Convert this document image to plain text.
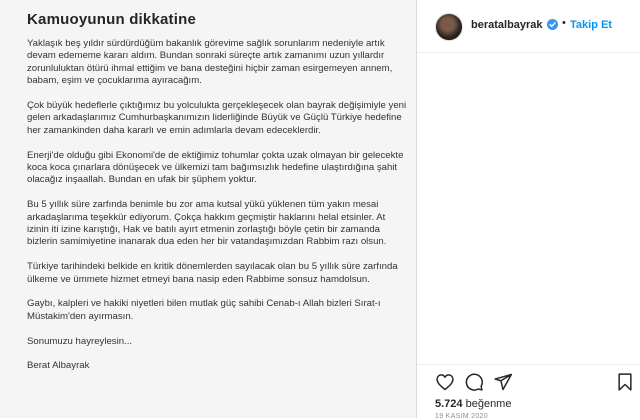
Kamuoyunun dikkatine

Yaklaşık beş yıldır sürdürdüğüm bakanlık görevime sağlık sorunlarım nedeniyle artık devam edememe kararı aldım. Bundan sonraki süreçte artık zamanımı uzun yıllardır zorunluluktan ötürü ihmal ettiğim ve bana desteğini hiçbir zaman esirgemeyen annem, babam, eşim ve çocuklarıma ayıracağım.

Çok büyük hedeflerle çıktığımız bu yolculukta gerçekleşecek olan bayrak değişimiyle yeni gelen arkadaşlarımız Cumhurbaşkanımızın liderliğinde Büyük ve Güçlü Türkiye hedefine her zamankinden daha kararlı ve emin adımlarla devam edeceklerdir.

Enerji'de olduğu gibi Ekonomi'de de ektiğimiz tohumlar çokta uzak olmayan bir gelecekte koca koca çınarlara dönüşecek ve ülkemizi tam bağımsızlık hedefine ulaştırdığına şahit olacağız inşaallah. Bundan en ufak bir şüphem yoktur.

Bu 5 yıllık süre zarfında benimle bu zor ama kutsal yükü yüklenen tüm yakın mesai arkadaşlarıma teşekkür ediyorum. Çokça hakkım geçmiştir haklarını helal etsinler. At izinin iti izine karıştığı, Hak ve batılı ayırt etmenin zorlaştığı böyle çetin bir zamanda bizlerin samimiyetine inanarak dua eden her bir vatandaşımızdan Rabbim razı olsun.

Türkiye tarihindeki belkide en kritik dönemlerden sayılacak olan bu 5 yıllık süre zarfında ülkeme ve ümmete hizmet etmeyi bana nasip eden Rabbime sonsuz hamdolsun.

Gaybı, kalpleri ve hakiki niyetleri bilen mutlak güç sahibi Cenab-ı Allah bizleri Sırat-ı Müstakim'den ayırmasın.

Sonumuzu hayreylesin...

Berat Albayrak

beratalbayrak • Takip Et
5.724 beğenme
19 KASIM 2020
